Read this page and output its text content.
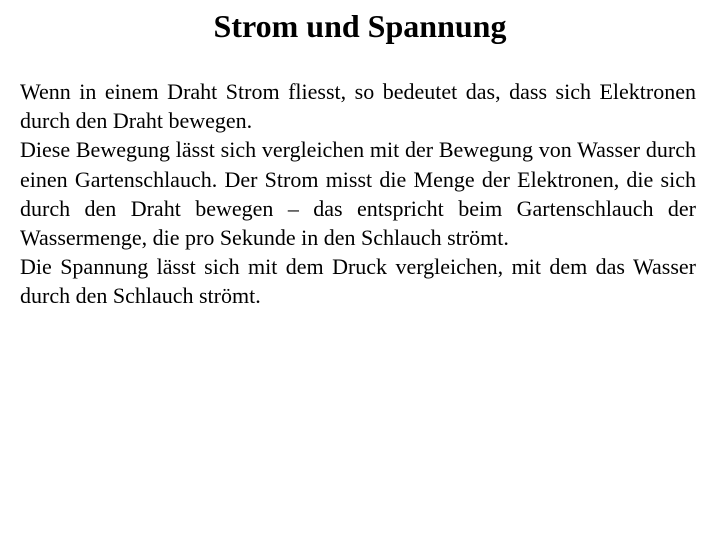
Strom und Spannung

Wenn in einem Draht Strom fliesst, so bedeutet das, dass sich Elektronen durch den Draht bewegen.

Diese Bewegung lässt sich vergleichen mit der Bewegung von Wasser durch einen Gartenschlauch. Der Strom misst die Menge der Elektronen, die sich durch den Draht bewegen – das entspricht beim Gartenschlauch der Wassermenge, die pro Sekunde in den Schlauch strömt.

Die Spannung lässt sich mit dem Druck vergleichen, mit dem das Wasser durch den Schlauch strömt.
